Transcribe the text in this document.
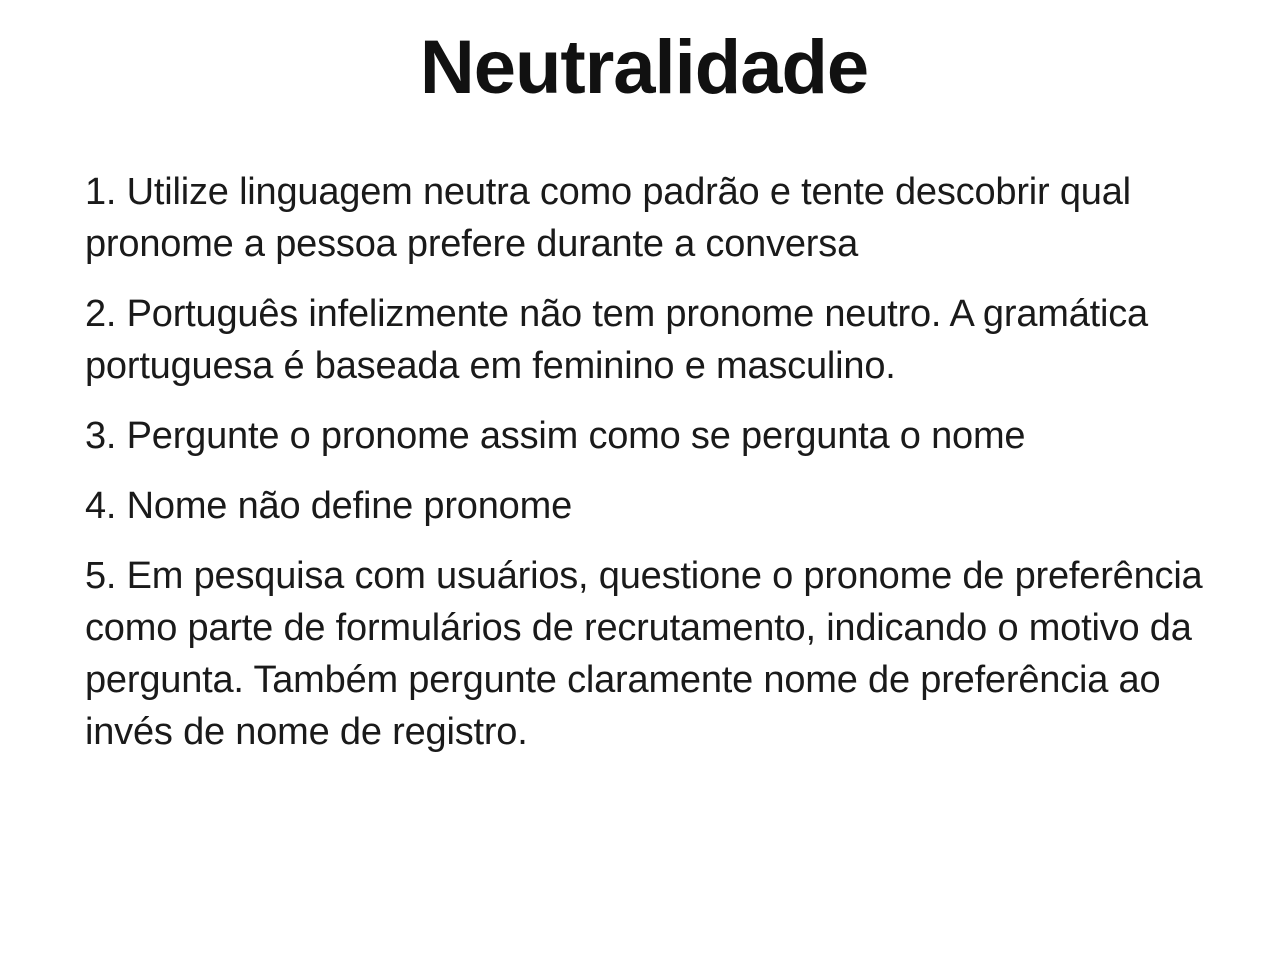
Neutralidade
1. Utilize linguagem neutra como padrão e tente descobrir qual pronome a pessoa prefere durante a conversa
2. Português infelizmente não tem pronome neutro. A gramática portuguesa é baseada em feminino e masculino.
3. Pergunte o pronome assim como se pergunta o nome
4. Nome não define pronome
5. Em pesquisa com usuários, questione o pronome de preferência como parte de formulários de recrutamento, indicando o motivo da pergunta. Também pergunte claramente nome de preferência ao invés de nome de registro.
